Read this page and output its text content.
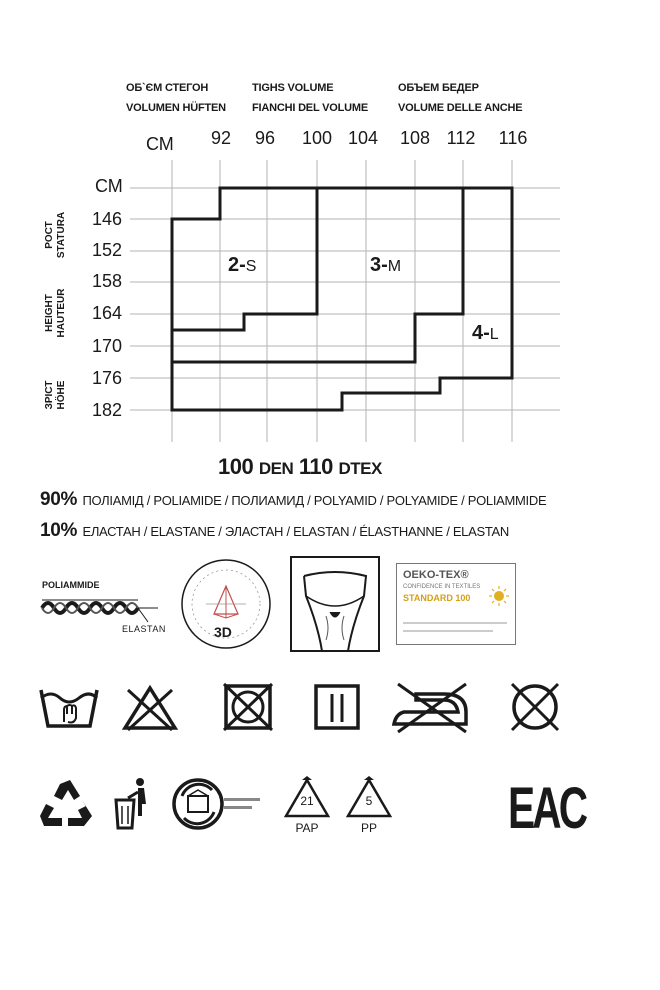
ОБ`ЄМ СТЕГОН
VOLUMEN HÜFTEN
TIGHS VOLUME
FIANCHI DEL VOLUME
ОБЪЕМ БЕДЕР
VOLUME DELLE ANCHE
СМ
СМ
92	96	100 104 108 112	116
146
152
158
164
170
176
182
РОСТ STATURA
HEIGHT HAUTEUR
ЗРІСТ HÖHE
2-S	3-M
4-L
100 DEN 110 DTEX
90% ПОЛІАМІД / POLIAMIDE / ПОЛИАМИД / POLYAMID / POLYAMIDE / POLIAMMIDE
10% ЕЛАСТАН / ELASTANE / ЭЛАСТАН / ELASTAN / ÉLASTHANNE / ELASTAN
POLIAMMIDE
ELASTAN	3D
OEKO-TEX®
CONFIDENCE IN TEXTILES
STANDARD 100
21
PAP
5
PP EAC
